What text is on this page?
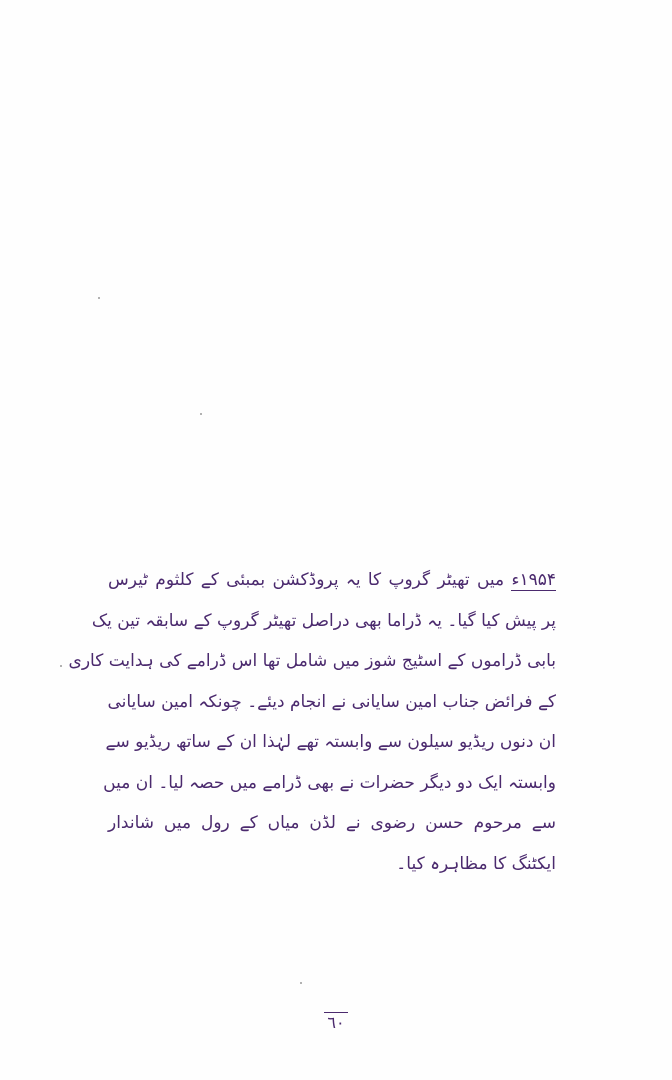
۱۹۵۴ء میں تھیٹر گروپ کا یہ پروڈکشن بمبئی کے کلثوم ٹیرس
پر پیش کیا گیا۔ یہ ڈراما بھی دراصل تھیٹر گروپ کے سابقہ تین یک
بابی ڈراموں کے اسٹیج شوز میں شامل تھا اس ڈرامے کی ہدایت کاری
کے فرائض جناب امین سایانی نے انجام دیئے۔ چونکہ امین سایانی
ان دنوں ریڈیو سیلون سے وابستہ تھے لہٰذا ان کے ساتھ ریڈیو سے
وابستہ ایک دو دیگر حضرات نے بھی ڈرامے میں حصہ لیا۔ ان میں
سے مرحوم حسن رضوی نے لڈن میاں کے رول میں شاندار
ایکٹنگ کا مظاہرہ کیا۔
٦٠
